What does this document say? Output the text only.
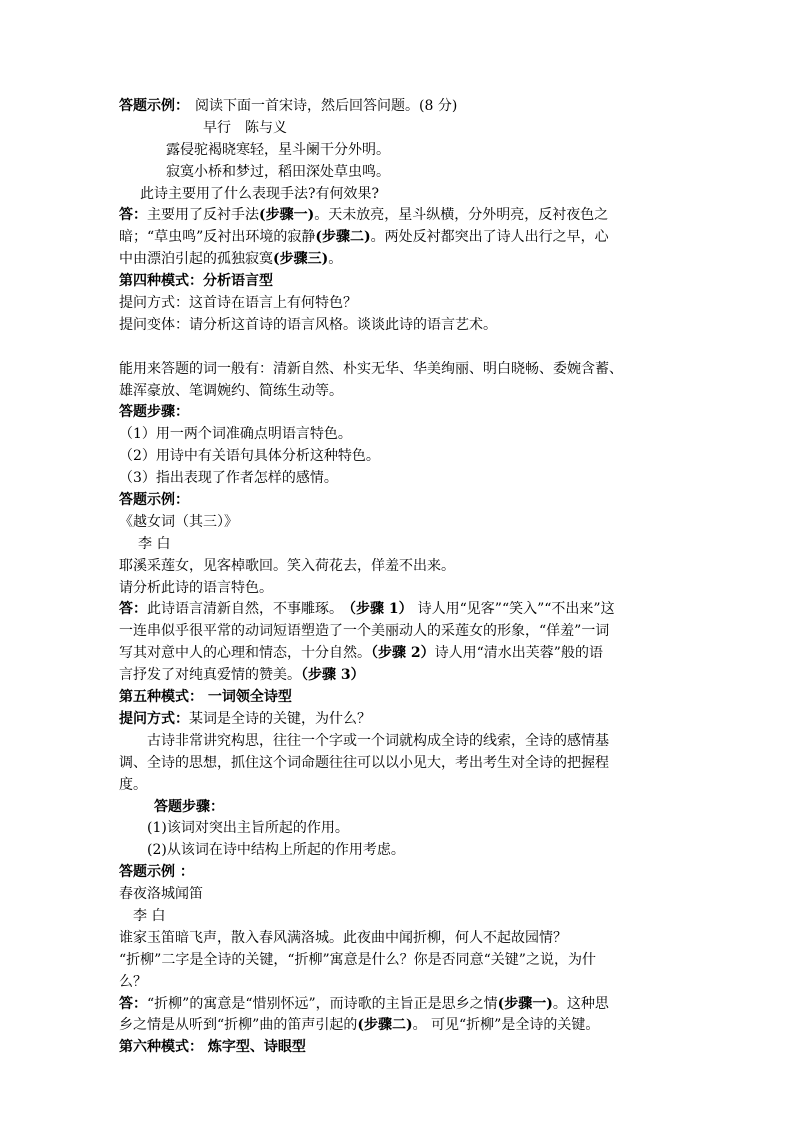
答题示例： 阅读下面一首宋诗，然后回答问题。(8 分)
早行　陈与义
露侵驼褐晓寒轻，星斗阑干分外明。
寂寞小桥和梦过，稻田深处草虫鸣。
此诗主要用了什么表现手法?有何效果?
答：主要用了反衬手法(步骤一)。天未放亮，星斗纵横，分外明亮，反衬夜色之
暗；“草虫鸣”反衬出环境的寂静(步骤二)。两处反衬都突出了诗人出行之早，心
中由漂泊引起的孤独寂寞(步骤三)。
第四种模式：分析语言型
提问方式：这首诗在语言上有何特色？
提问变体：请分析这首诗的语言风格。谈谈此诗的语言艺术。
能用来答题的词一般有：清新自然、朴实无华、华美绚丽、明白晓畅、委婉含蓄、
雄浑豪放、笔调婉约、简练生动等。
答题步骤：
（1）用一两个词准确点明语言特色。
（2）用诗中有关语句具体分析这种特色。
（3）指出表现了作者怎样的感情。
答题示例：
《越女词（其三）》
李 白
耶溪采莲女，见客棹歌回。笑入荷花去，佯羞不出来。
请分析此诗的语言特色。
答：此诗语言清新自然，不事雕琢。 （步骤 1） 诗人用“见客”“笑入”“不出来”这
一连串似乎很平常的动词短语塑造了一个美丽动人的采莲女的形象，“佯羞”一词
写其对意中人的心理和情态，十分自然。（步骤 2）诗人用“清水出芙蓉”般的语
言抒发了对纯真爱情的赞美。（步骤 3）
第五种模式： 一词领全诗型
提问方式：某词是全诗的关键，为什么？
古诗非常讲究构思，往往一个字或一个词就构成全诗的线索，全诗的感情基
调、全诗的思想，抓住这个词命题往往可以以小见大，考出考生对全诗的把握程
度。
答题步骤：
(1)该词对突出主旨所起的作用。
(2)从该词在诗中结构上所起的作用考虑。
答题示例 ：
春夜洛城闻笛
李 白
谁家玉笛暗飞声，散入春风满洛城。此夜曲中闻折柳，何人不起故园情？
“折柳”二字是全诗的关键，“折柳”寓意是什么？你是否同意“关键”之说，为什
么？
答：“折柳”的寓意是“惜别怀远”，而诗歌的主旨正是思乡之情(步骤一)。这种思
乡之情是从听到“折柳”曲的笛声引起的(步骤二)。 可见“折柳”是全诗的关键。
第六种模式： 炼字型、诗眼型
